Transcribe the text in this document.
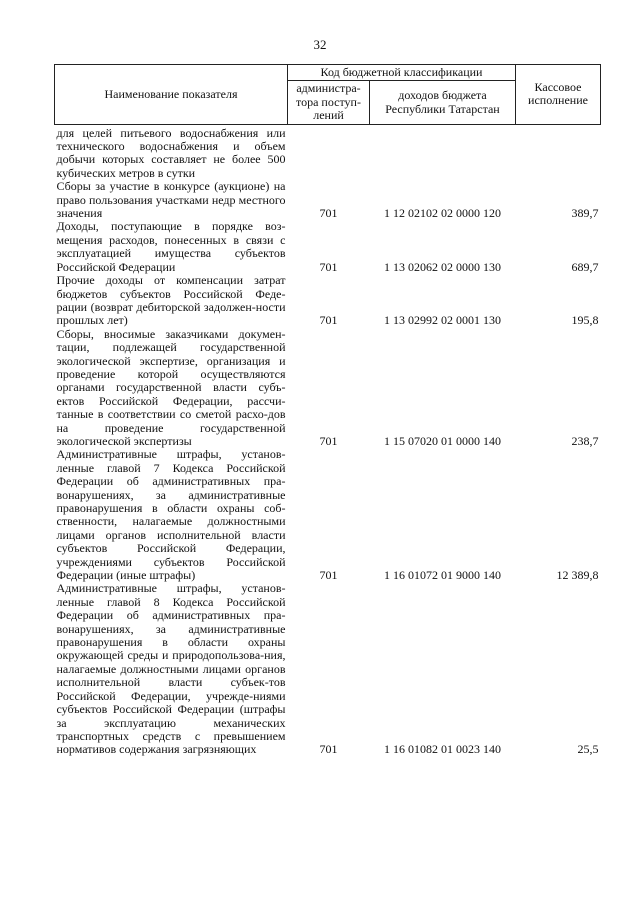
32
Наименование показателя	Код бюджетной классификации		Кассовое исполнение
	администра-тора поступ-лений	доходов бюджета Республики Татарстан	

для целей питьевого водоснабжения или технического водоснабжения и объем добычи которых составляет не более 500 кубических метров в сутки			
Сборы за участие в конкурсе (аукционе) на право пользования участками недр местного значения	701	1 12 02102 02 0000 120	389,7
Доходы, поступающие в порядке воз-мещения расходов, понесенных в связи с эксплуатацией имущества субъектов Российской Федерации	701	1 13 02062 02 0000 130	689,7
Прочие доходы от компенсации затрат бюджетов субъектов Российской Феде-рации (возврат дебиторской задолжен-ности прошлых лет)	701	1 13 02992 02 0001 130	195,8
Сборы, вносимые заказчиками докумен-тации, подлежащей государственной экологической экспертизе, организация и проведение которой осуществляются органами государственной власти субъ-ектов Российской Федерации, рассчи-танные в соответствии со сметой расхо-дов на проведение государственной экологической экспертизы	701	1 15 07020 01 0000 140	238,7
Административные штрафы, установ-ленные главой 7 Кодекса Российской Федерации об административных пра-вонарушениях, за административные правонарушения в области охраны соб-ственности, налагаемые должностными лицами органов исполнительной власти субъектов Российской Федерации, учреждениями субъектов Российской Федерации (иные штрафы)	701	1 16 01072 01 9000 140	12 389,8
Административные штрафы, установ-ленные главой 8 Кодекса Российской Федерации об административных пра-вонарушениях, за административные правонарушения в области охраны окружающей среды и природопользова-ния, налагаемые должностными лицами органов исполнительной власти субъек-тов Российской Федерации, учрежде-ниями субъектов Российской Федерации (штрафы за эксплуатацию механических транспортных средств с превышением нормативов содержания загрязняющих	701	1 16 01082 01 0023 140	25,5
